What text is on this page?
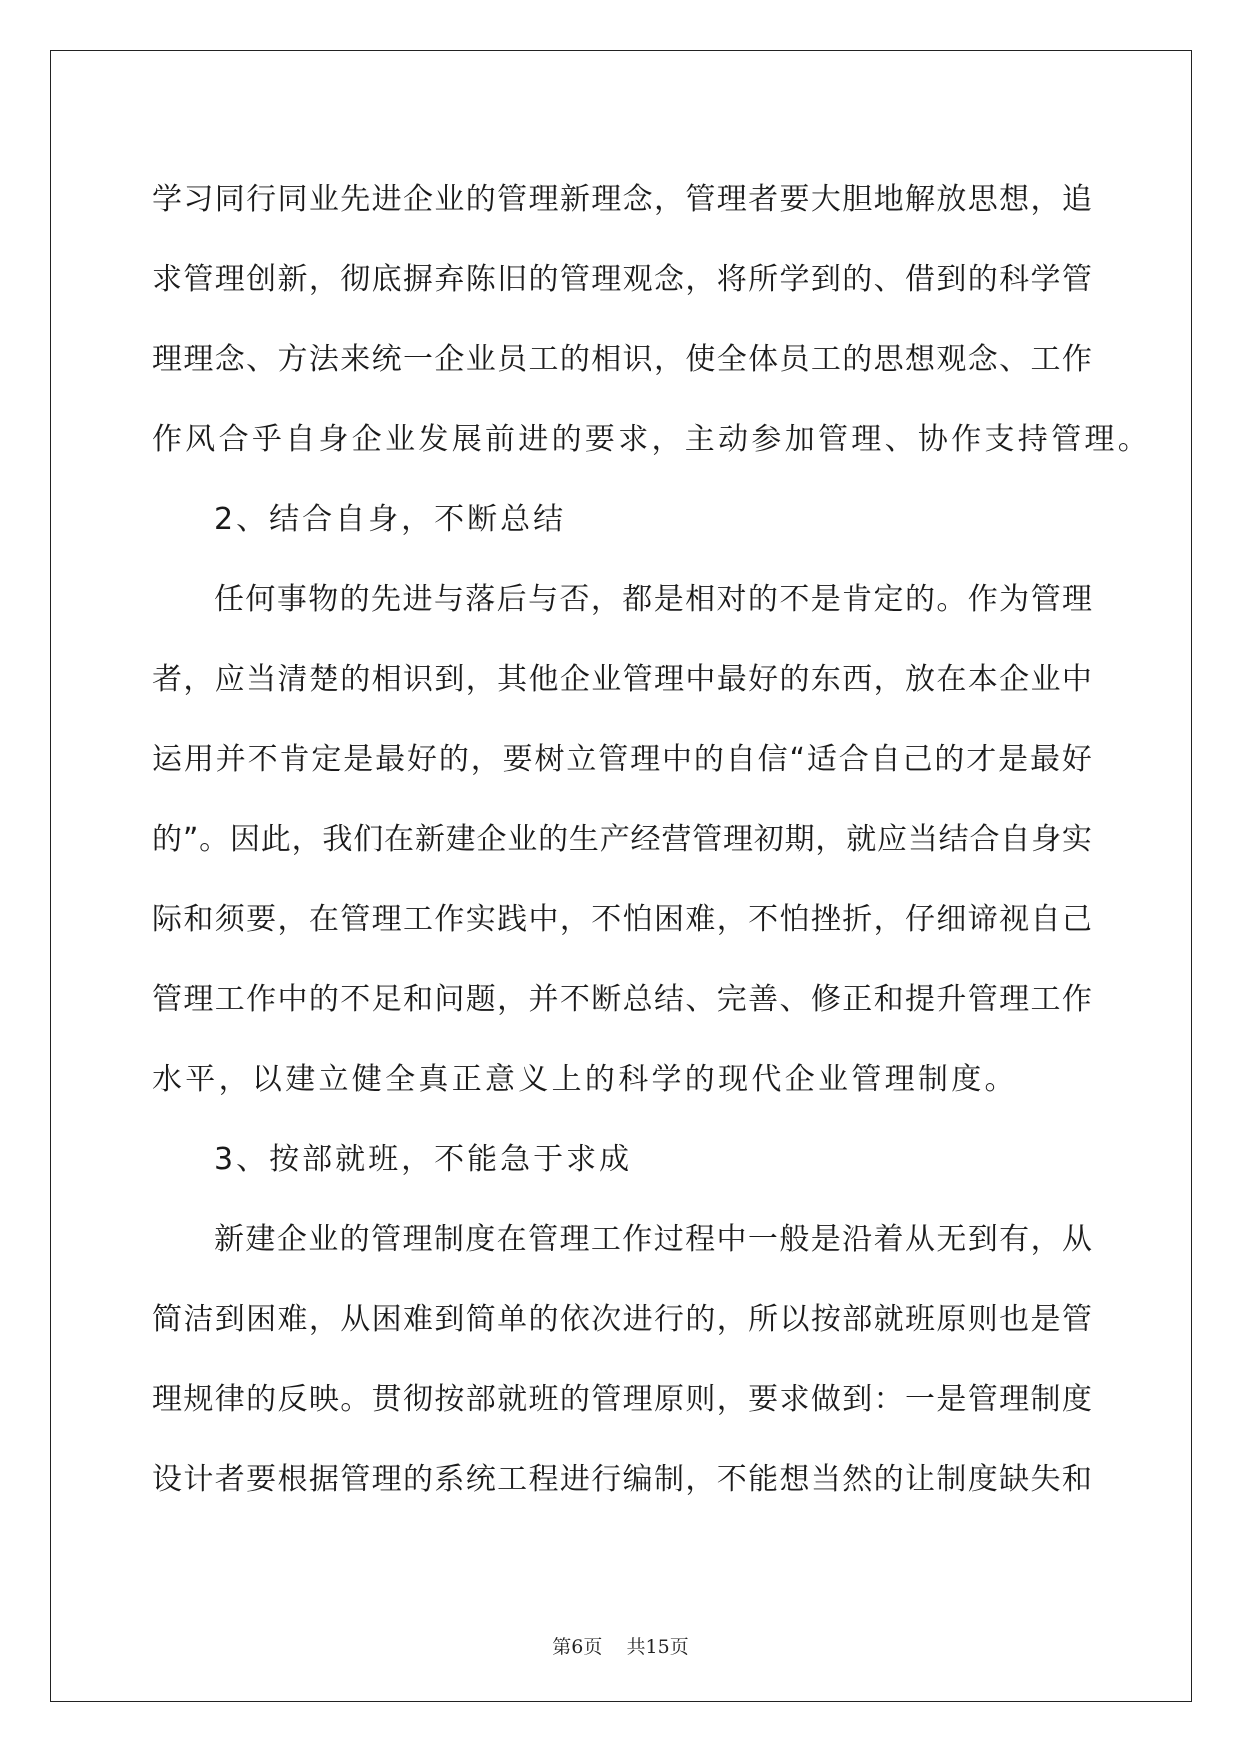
学 习 同 行 同 业 先 进 企 业 的 管 理 新 理 念 ， 管 理 者 要 大 胆 地 解 放 思 想 ， 追
求 管 理 创 新 ， 彻 底 摒 弃 陈 旧 的 管 理 观 念 ， 将 所 学 到 的 、 借 到 的 科 学 管
理 理 念 、 方 法 来 统 一 企 业 员 工 的 相 识 ， 使 全 体 员 工 的 思 想 观 念 、 工 作
作风合乎自身企业发展前进的要求，主动参加管理、协作支持管理。
2、结合自身，不断总结
任 何 事 物 的 先 进 与 落 后 与 否 ， 都 是 相 对 的 不 是 肯 定 的 。 作 为 管 理
者 ， 应 当 清 楚 的 相 识 到 ， 其 他 企 业 管 理 中 最 好 的 东 西 ， 放 在 本 企 业 中
运 用 并 不 肯 定 是 最 好 的 ， 要 树 立 管 理 中 的 自 信 “ 适 合 自 己 的 才 是 最 好
的 ” 。 因 此 ， 我 们 在 新 建 企 业 的 生 产 经 营 管 理 初 期 ， 就 应 当 结 合 自 身 实
际 和 须 要 ， 在 管 理 工 作 实 践 中 ， 不 怕 困 难 ， 不 怕 挫 折 ， 仔 细 谛 视 自 己
管 理 工 作 中 的 不 足 和 问 题 ， 并 不 断 总 结 、 完 善 、 修 正 和 提 升 管 理 工 作
水平，以建立健全真正意义上的科学的现代企业管理制度。
3、按部就班，不能急于求成
新 建 企 业 的 管 理 制 度 在 管 理 工 作 过 程 中 一 般 是 沿 着 从 无 到 有 ， 从
简 洁 到 困 难 ， 从 困 难 到 简 单 的 依 次 进 行 的 ， 所 以 按 部 就 班 原 则 也 是 管
理 规 律 的 反 映 。 贯 彻 按 部 就 班 的 管 理 原 则 ， 要 求 做 到 ： 一 是 管 理 制 度
设 计 者 要 根 据 管 理 的 系 统 工 程 进 行 编 制 ， 不 能 想 当 然 的 让 制 度 缺 失 和
第6页 共15页
